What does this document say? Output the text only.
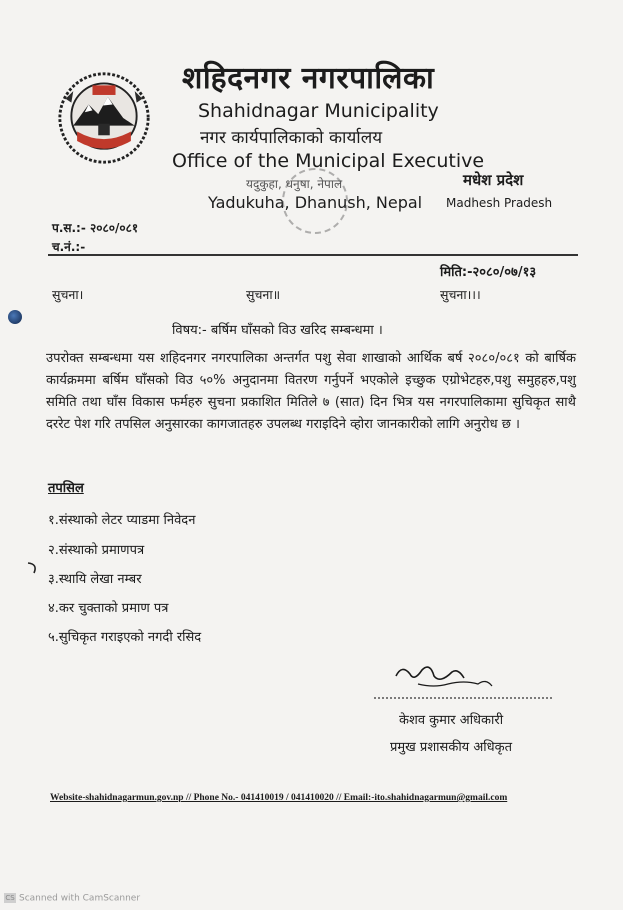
शहिदनगर नगरपालिका
Shahidnagar Municipality
नगर कार्यपालिकाको कार्यालय
Office of the Municipal Executive
यदुकुहा, धनुषा, नेपाल
Yadukuha, Dhanush, Nepal
मधेश प्रदेश
Madhesh Pradesh
प.स.:- २०८०/०८१
च.नं.:-
मिति:-२०८०/०७/१३
सुचना।	सुचना॥	सुचना।।।
विषय:- बर्षिम घाँसको विउ खरिद सम्बन्धमा ।
उपरोक्त सम्बन्धमा यस शहिदनगर नगरपालिका अन्तर्गत पशु सेवा शाखाको आर्थिक बर्ष २०८०/०८१ को बार्षिक कार्यक्रममा बर्षिम घाँसको विउ ५०% अनुदानमा वितरण गर्नुपर्ने भएकोले इच्छुक एग्रोभेटहरु,पशु समुहहरु,पशु समिति तथा घाँस विकास फर्महरु सुचना प्रकाशित मितिले ७ (सात) दिन भित्र यस नगरपालिकामा सुचिकृत साथै दररेट पेश गरि तपसिल अनुसारका कागजातहरु उपलब्ध गराइदिने व्होरा जानकारीको लागि अनुरोध छ ।
तपसिल
१.संस्थाको लेटर प्याडमा निवेदन
२.संस्थाको प्रमाणपत्र
३.स्थायि लेखा नम्बर
४.कर चुक्ताको प्रमाण पत्र
५.सुचिकृत गराइएको नगदी रसिद
केशव कुमार अधिकारी
प्रमुख प्रशासकीय अधिकृत
Website-shahidnagarmun.gov.np // Phone No.- 041410019 / 041410020 // Email:-ito.shahidnagarmun@gmail.com
CS Scanned with CamScanner
